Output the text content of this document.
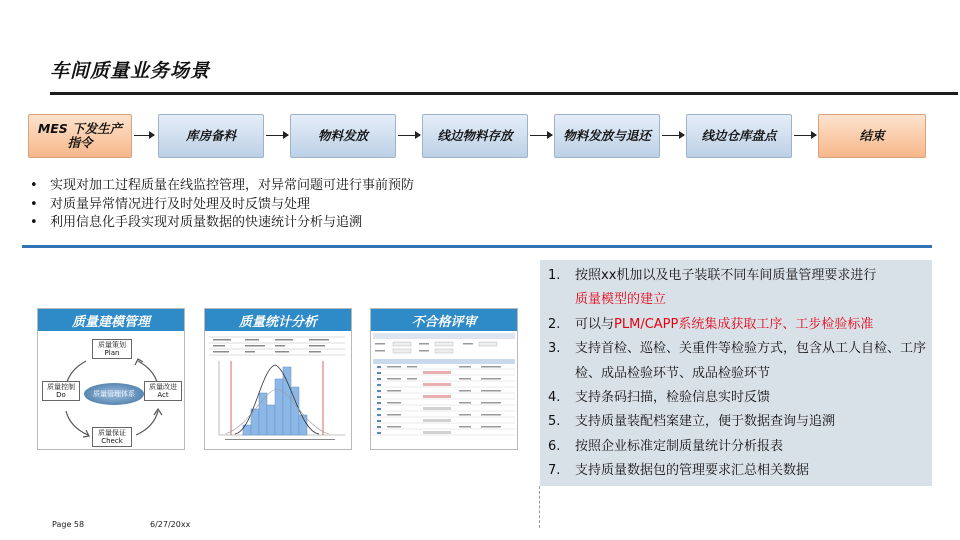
车间质量业务场景
MES 下发生产指令	库房备料	物料发放	线边物料存放	物料发放与退还	线边仓库盘点	结束
• 实现对加工过程质量在线监控管理，对异常问题可进行事前预防
• 对质量异常情况进行及时处理及时反馈与处理
• 利用信息化手段实现对质量数据的快速统计分析与追溯
质量建模管理
质量策划
Plan
质量控制
Do
质量改进
Act
质量保证
Check
质量管理体系
质量统计分析	不合格评审
1. 按照xx机加以及电子装联不同车间质量管理要求进行
质量模型的建立
2. 可以与PLM/CAPP系统集成获取工序、工步检验标准
3. 支持首检、巡检、关重件等检验方式，包含从工人自检、工序检、成品检验环节、成品检验环节
4. 支持条码扫描，检验信息实时反馈
5. 支持质量装配档案建立，便于数据查询与追溯
6. 按照企业标准定制质量统计分析报表
7. 支持质量数据包的管理要求汇总相关数据
Page 58	6/27/20xx
